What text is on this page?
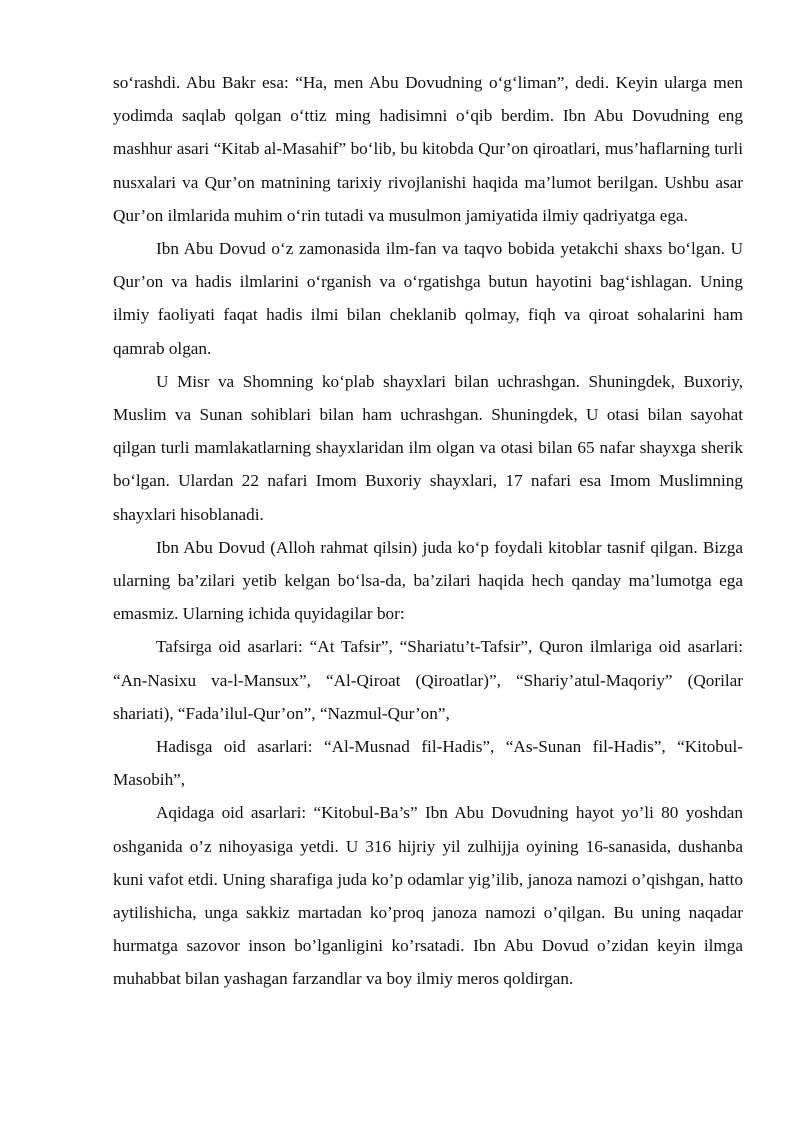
so‘rashdi. Abu Bakr esa: “Ha, men Abu Dovudning o‘g‘liman”, dedi. Keyin ularga men yodimda saqlab qolgan o‘ttiz ming hadisimni o‘qib berdim. Ibn Abu Dovudning eng mashhur asari “Kitab al-Masahif” bo‘lib, bu kitobda Qur’on qiroatlari, mus’haflarning turli nusxalari va Qur’on matnining tarixiy rivojlanishi haqida ma’lumot berilgan. Ushbu asar Qur’on ilmlarida muhim o‘rin tutadi va musulmon jamiyatida ilmiy qadriyatga ega.

Ibn Abu Dovud o‘z zamonasida ilm-fan va taqvo bobida yetakchi shaxs bo‘lgan. U Qur’on va hadis ilmlarini o‘rganish va o‘rgatishga butun hayotini bag‘ishlagan. Uning ilmiy faoliyati faqat hadis ilmi bilan cheklanib qolmay, fiqh va qiroat sohalarini ham qamrab olgan.

U Misr va Shomning ko‘plab shayxlari bilan uchrashgan. Shuningdek, Buxoriy, Muslim va Sunan sohiblari bilan ham uchrashgan. Shuningdek, U otasi bilan sayohat qilgan turli mamlakatlarning shayxlaridan ilm olgan va otasi bilan 65 nafar shayxga sherik bo‘lgan. Ulardan 22 nafari Imom Buxoriy shayxlari, 17 nafari esa Imom Muslimning shayxlari hisoblanadi.

Ibn Abu Dovud (Alloh rahmat qilsin) juda ko‘p foydali kitoblar tasnif qilgan. Bizga ularning ba’zilari yetib kelgan bo‘lsa-da, ba’zilari haqida hech qanday ma’lumotga ega emasmiz. Ularning ichida quyidagilar bor:

Tafsirga oid asarlari: “At Tafsir”, “Shariatu’t-Tafsir”, Quron ilmlariga oid asarlari: “An-Nasixu va-l-Mansux”, “Al-Qiroat (Qiroatlar)”, “Shariy’atul-Maqoriy” (Qorilar shariati), “Fada’ilul-Qur’on”, “Nazmul-Qur’on”,

Hadisga oid asarlari: “Al-Musnad fil-Hadis”, “As-Sunan fil-Hadis”, “Kitobul-Masobih”,

Aqidaga oid asarlari: “Kitobul-Ba’s” Ibn Abu Dovudning hayot yo’li 80 yoshdan oshganida o’z nihoyasiga yetdi. U 316 hijriy yil zulhijja oyining 16-sanasida, dushanba kuni vafot etdi. Uning sharafiga juda ko’p odamlar yig’ilib, janoza namozi o’qishgan, hatto aytilishicha, unga sakkiz martadan ko’proq janoza namozi o’qilgan. Bu uning naqadar hurmatga sazovor inson bo’lganligini ko’rsatadi. Ibn Abu Dovud o’zidan keyin ilmga muhabbat bilan yashagan farzandlar va boy ilmiy meros qoldirgan.
